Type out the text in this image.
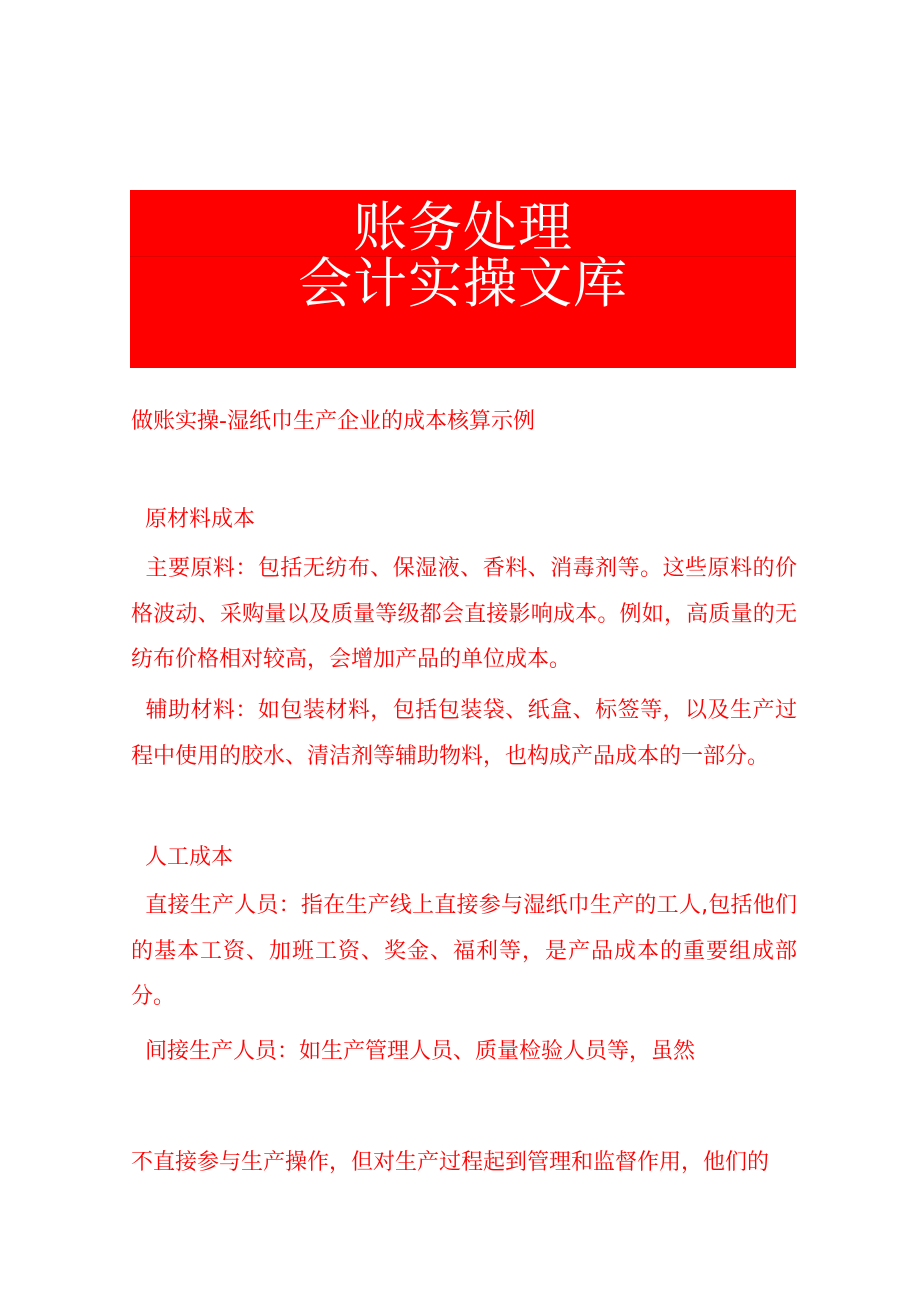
账务处理
会计实操文库
做账实操-湿纸巾生产企业的成本核算示例
原材料成本
主要原料：包括无纺布、保湿液、香料、消毒剂等。这些原料的价格波动、采购量以及质量等级都会直接影响成本。例如，高质量的无纺布价格相对较高，会增加产品的单位成本。
辅助材料：如包装材料，包括包装袋、纸盒、标签等，以及生产过程中使用的胶水、清洁剂等辅助物料，也构成产品成本的一部分。
人工成本
直接生产人员：指在生产线上直接参与湿纸巾生产的工人,包括他们的基本工资、加班工资、奖金、福利等，是产品成本的重要组成部分。
间接生产人员：如生产管理人员、质量检验人员等，虽然
不直接参与生产操作，但对生产过程起到管理和监督作用，他们的
